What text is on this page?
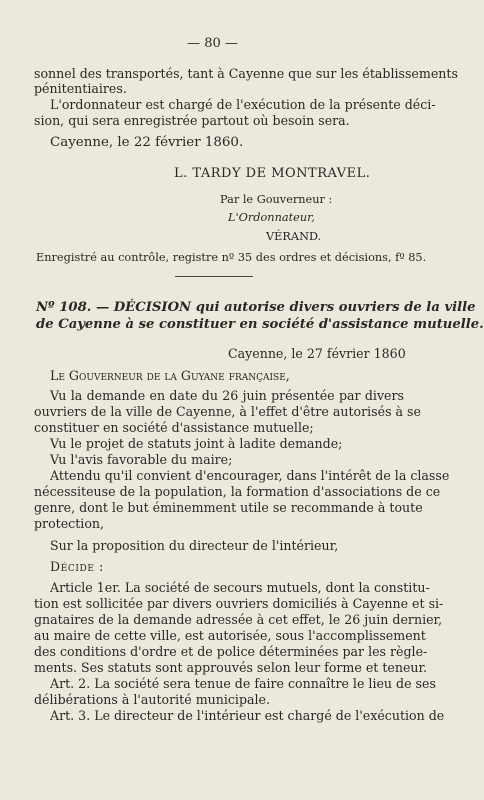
— 80 —
sonnel des transportés, tant à Cayenne que sur les établissements
pénitentiaires.
L'ordonnateur est chargé de l'exécution de la présente déci-
sion, qui sera enregistrée partout où besoin sera.
Cayenne, le 22 février 1860.
L. TARDY DE MONTRAVEL.
Par le Gouverneur :
L'Ordonnateur,
VÉRAND.
Enregistré au contrôle, registre nº 35 des ordres et décisions, fº 85.
Nº 108. — DÉCISION qui autorise divers ouvriers de la ville
de Cayenne à se constituer en société d'assistance mutuelle.
Cayenne, le 27 février 1860
Le Gouverneur de la Guyane française,
Vu la demande en date du 26 juin présentée par divers
ouvriers de la ville de Cayenne, à l'effet d'être autorisés à se
constituer en société d'assistance mutuelle;
Vu le projet de statuts joint à ladite demande;
Vu l'avis favorable du maire;
Attendu qu'il convient d'encourager, dans l'intérêt de la classe
nécessiteuse de la population, la formation d'associations de ce
genre, dont le but éminemment utile se recommande à toute
protection,
Sur la proposition du directeur de l'intérieur,
Décide :
Article 1er. La société de secours mutuels, dont la constitu-
tion est sollicitée par divers ouvriers domiciliés à Cayenne et si-
gnataires de la demande adressée à cet effet, le 26 juin dernier,
au maire de cette ville, est autorisée, sous l'accomplissement
des conditions d'ordre et de police déterminées par les règle-
ments. Ses statuts sont approuvés selon leur forme et teneur.
Art. 2. La société sera tenue de faire connaître le lieu de ses
délibérations à l'autorité municipale.
Art. 3. Le directeur de l'intérieur est chargé de l'exécution de
